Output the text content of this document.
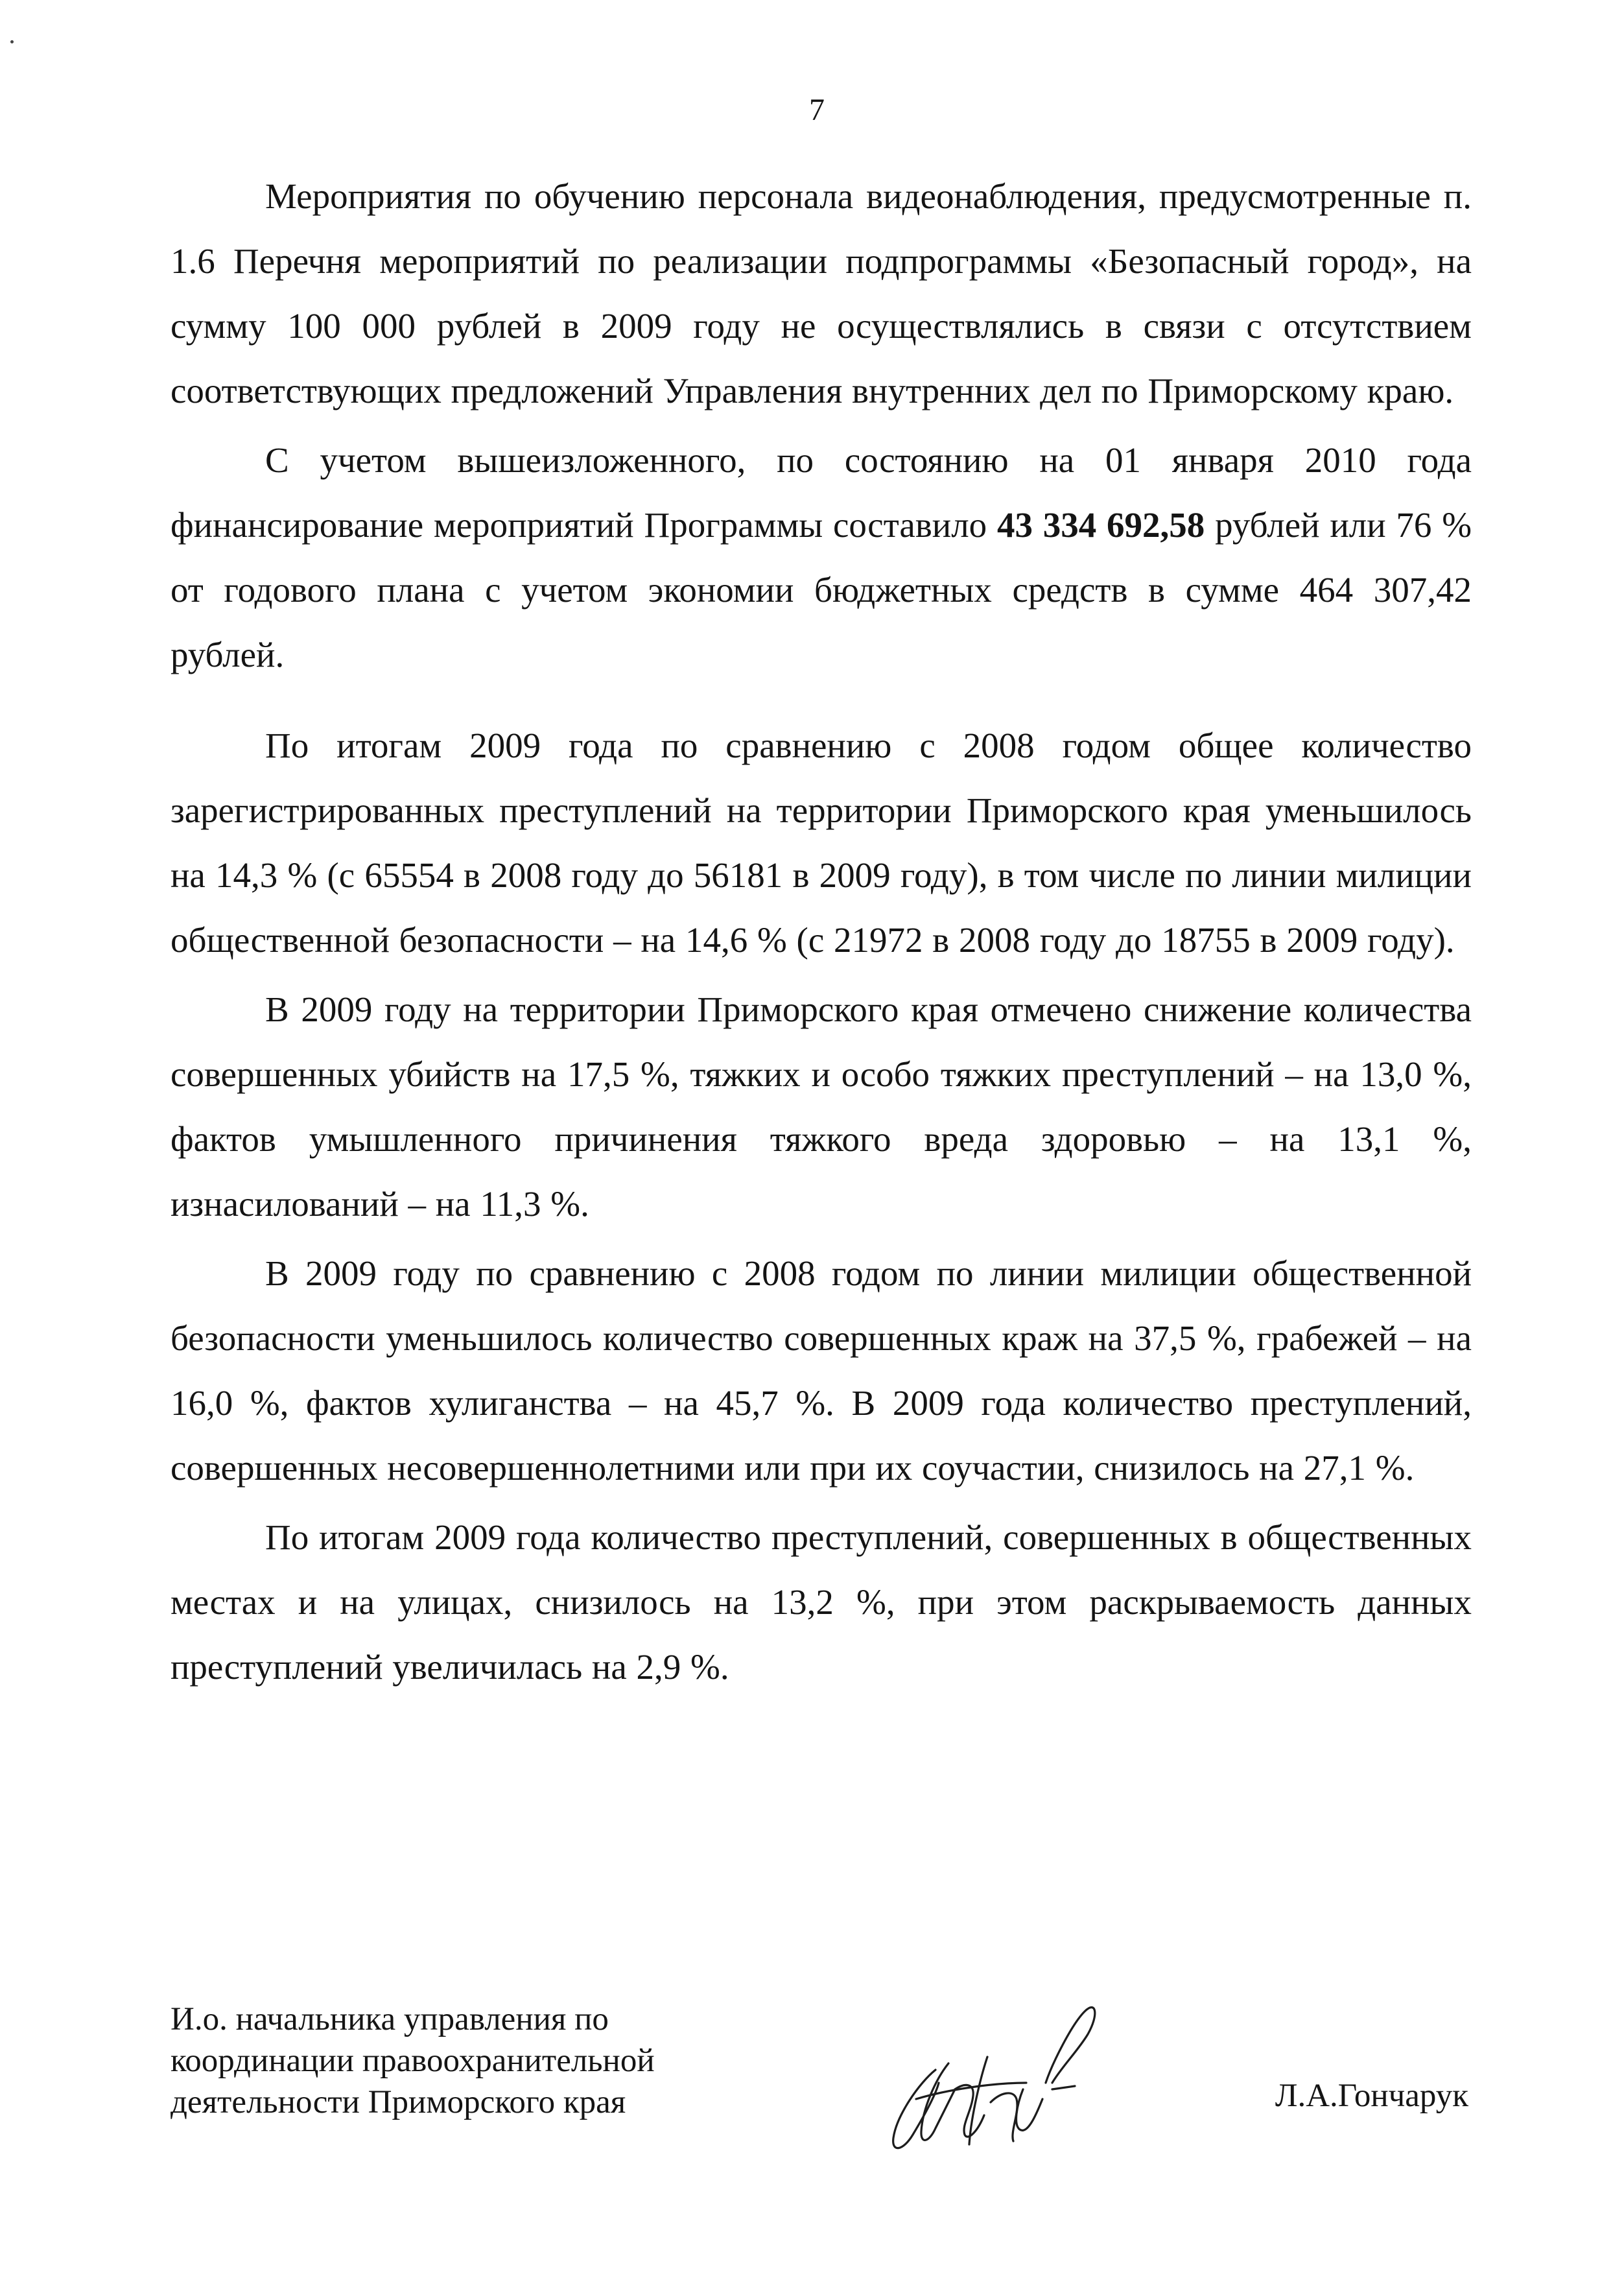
7

Мероприятия по обучению персонала видеонаблюдения, предусмотренные п. 1.6 Перечня мероприятий по реализации подпрограммы «Безопасный город», на сумму 100 000 рублей в 2009 году не осуществлялись в связи с отсутствием соответствующих предложений Управления внутренних дел по Приморскому краю.

С учетом вышеизложенного, по состоянию на 01 января 2010 года финансирование мероприятий Программы составило 43 334 692,58 рублей или 76 % от годового плана с учетом экономии бюджетных средств в сумме 464 307,42 рублей.

По итогам 2009 года по сравнению с 2008 годом общее количество зарегистрированных преступлений на территории Приморского края уменьшилось на 14,3 % (с 65554 в 2008 году до 56181 в 2009 году), в том числе по линии милиции общественной безопасности – на 14,6 % (с 21972 в 2008 году до 18755 в 2009 году).

В 2009 году на территории Приморского края отмечено снижение количества совершенных убийств на 17,5 %, тяжких и особо тяжких преступлений – на 13,0 %, фактов умышленного причинения тяжкого вреда здоровью – на 13,1 %, изнасилований – на 11,3 %.

В 2009 году по сравнению с 2008 годом по линии милиции общественной безопасности уменьшилось количество совершенных краж на 37,5 %, грабежей – на 16,0 %, фактов хулиганства – на 45,7 %. В 2009 года количество преступлений, совершенных несовершеннолетними или при их соучастии, снизилось на 27,1 %.

По итогам 2009 года количество преступлений, совершенных в общественных местах и на улицах, снизилось на 13,2 %, при этом раскрываемость данных преступлений увеличилась на 2,9 %.

И.о. начальника управления по
координации правоохранительной
деятельности Приморского края	Л.А.Гончарук
